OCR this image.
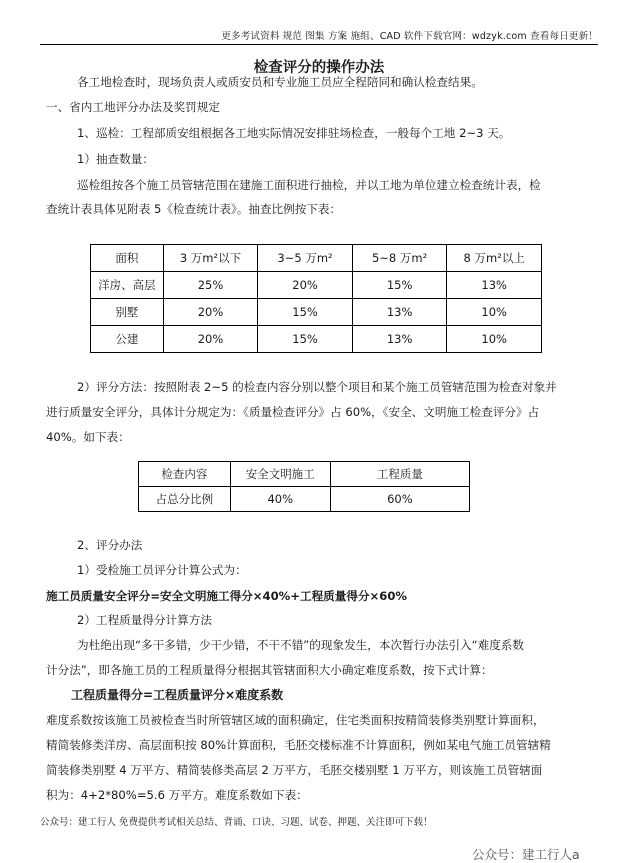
更多考试资料 规范 图集 方案 施组、CAD 软件下载官网：wdzyk.com 查看每日更新！
检查评分的操作办法
各工地检查时，现场负责人或质安员和专业施工员应全程陪同和确认检查结果。
一、省内工地评分办法及奖罚规定
1、巡检：工程部质安组根据各工地实际情况安排驻场检查，一般每个工地 2~3 天。
1）抽查数量：
巡检组按各个施工员管辖范围在建施工面积进行抽检，并以工地为单位建立检查统计表，检
查统计表具体见附表 5《检查统计表》。抽查比例按下表：
面积	3 万m²以下	3~5 万m²	5~8 万m²	8 万m²以上
洋房、高层	25%	20%	15%	13%
别墅	20%	15%	13%	10%
公建	20%	15%	13%	10%
2）评分方法：按照附表 2~5 的检查内容分别以整个项目和某个施工员管辖范围为检查对象并
进行质量安全评分，具体计分规定为：《质量检查评分》占 60%，《安全、文明施工检查评分》占
40%。如下表：
检查内容	安全文明施工	工程质量
占总分比例	40%	60%
2、评分办法
1）受检施工员评分计算公式为：
施工员质量安全评分=安全文明施工得分×40%+工程质量得分×60%
2）工程质量得分计算方法
为杜绝出现“多干多错，少干少错，不干不错”的现象发生，本次暂行办法引入“难度系数
计分法”，即各施工员的工程质量得分根据其管辖面积大小确定难度系数，按下式计算：
工程质量得分=工程质量评分×难度系数
难度系数按该施工员被检查当时所管辖区域的面积确定，住宅类面积按精简装修类别墅计算面积，
精简装修类洋房、高层面积按 80%计算面积，毛胚交楼标准不计算面积，例如某电气施工员管辖精
简装修类别墅 4 万平方、精简装修类高层 2 万平方，毛胚交楼别墅 1 万平方，则该施工员管辖面
积为：4+2*80%=5.6 万平方。难度系数如下表：
公众号：建工行人 免费提供考试相关总结、背诵、口诀、习题、试卷、押题、关注即可下载！
公众号：建工行人a
